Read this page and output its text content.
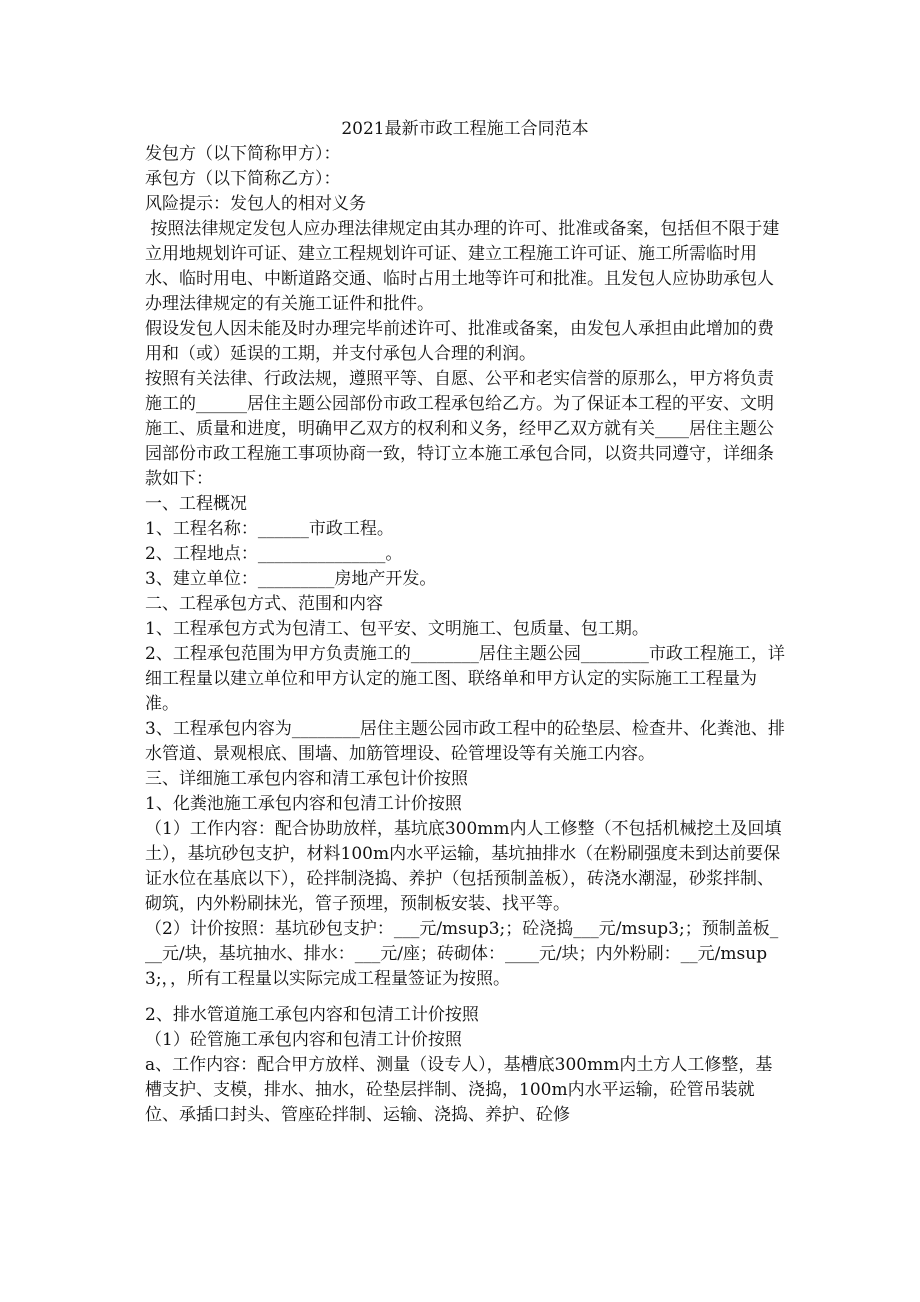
2021最新市政工程施工合同范本

发包方（以下简称甲方）：

承包方（以下简称乙方）：

风险提示：发包人的相对义务

按照法律规定发包人应办理法律规定由其办理的许可、批准或备案，包括但不限于建立用地规划许可证、建立工程规划许可证、建立工程施工许可证、施工所需临时用水、临时用电、中断道路交通、临时占用土地等许可和批准。且发包人应协助承包人办理法律规定的有关施工证件和批件。

假设发包人因未能及时办理完毕前述许可、批准或备案，由发包人承担由此增加的费用和（或）延误的工期，并支付承包人合理的利润。

按照有关法律、行政法规，遵照平等、自愿、公平和老实信誉的原那么，甲方将负责施工的______居住主题公园部份市政工程承包给乙方。为了保证本工程的平安、文明施工、质量和进度，明确甲乙双方的权利和义务，经甲乙双方就有关____居住主题公园部份市政工程施工事项协商一致，特订立本施工承包合同，以资共同遵守，详细条款如下：

一、工程概况

1、工程名称：______市政工程。

2、工程地点：_______________。

3、建立单位：_________房地产开发。

二、工程承包方式、范围和内容

1、工程承包方式为包清工、包平安、文明施工、包质量、包工期。

2、工程承包范围为甲方负责施工的________居住主题公园________市政工程施工，详细工程量以建立单位和甲方认定的施工图、联络单和甲方认定的实际施工工程量为准。

3、工程承包内容为________居住主题公园市政工程中的砼垫层、检查井、化粪池、排水管道、景观根底、围墙、加筋管埋设、砼管埋设等有关施工内容。

三、详细施工承包内容和清工承包计价按照

1、化粪池施工承包内容和包清工计价按照

（1）工作内容：配合协助放样，基坑底300mm内人工修整（不包括机械挖土及回填土），基坑砂包支护，材料100m内水平运输，基坑抽排水（在粉刷强度未到达前要保证水位在基底以下），砼拌制浇捣、养护（包括预制盖板），砖浇水潮湿，砂浆拌制、砌筑，内外粉刷抹光，管子预埋，预制板安装、找平等。

（2）计价按照：基坑砂包支护：___元/msup3;；砼浇捣___元/msup3;；预制盖板___元/块，基坑抽水、排水：___元/座；砖砌体：____元/块；内外粉刷：__元/msup3;，，所有工程量以实际完成工程量签证为按照。

2、排水管道施工承包内容和包清工计价按照

（1）砼管施工承包内容和包清工计价按照

a、工作内容：配合甲方放样、测量（设专人），基槽底300mm内土方人工修整，基槽支护、支模，排水、抽水，砼垫层拌制、浇捣，100m内水平运输，砼管吊装就位、承插口封头、管座砼拌制、运输、浇捣、养护、砼修
